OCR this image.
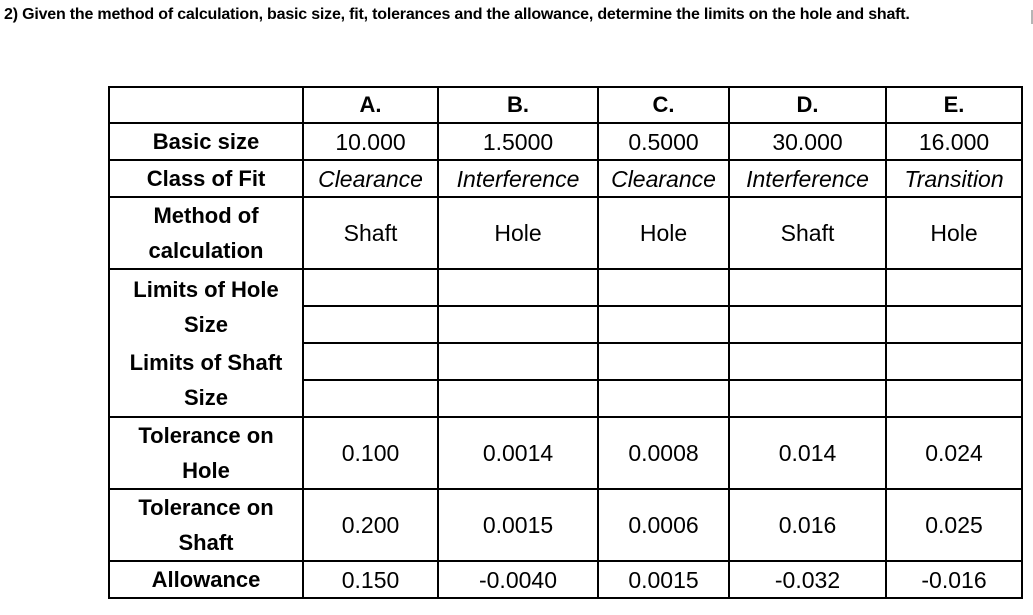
2) Given the method of calculation, basic size, fit, tolerances and the allowance, determine the limits on the hole and shaft.
	A.	B.	C.	D.	E.
Basic size	10.000	1.5000	0.5000	30.000	16.000
Class of Fit	Clearance	Interference	Clearance	Interference	Transition

Method of
calculation	Shaft	Hole	Hole	Shaft	Hole

Limits of Hole
Size					

Limits of Shaft
Size					

Tolerance on
Hole	0.100	0.0014	0.0008	0.014	0.024

Tolerance on
Shaft	0.200	0.0015	0.0006	0.016	0.025
Allowance	0.150	-0.0040	0.0015	-0.032	-0.016
